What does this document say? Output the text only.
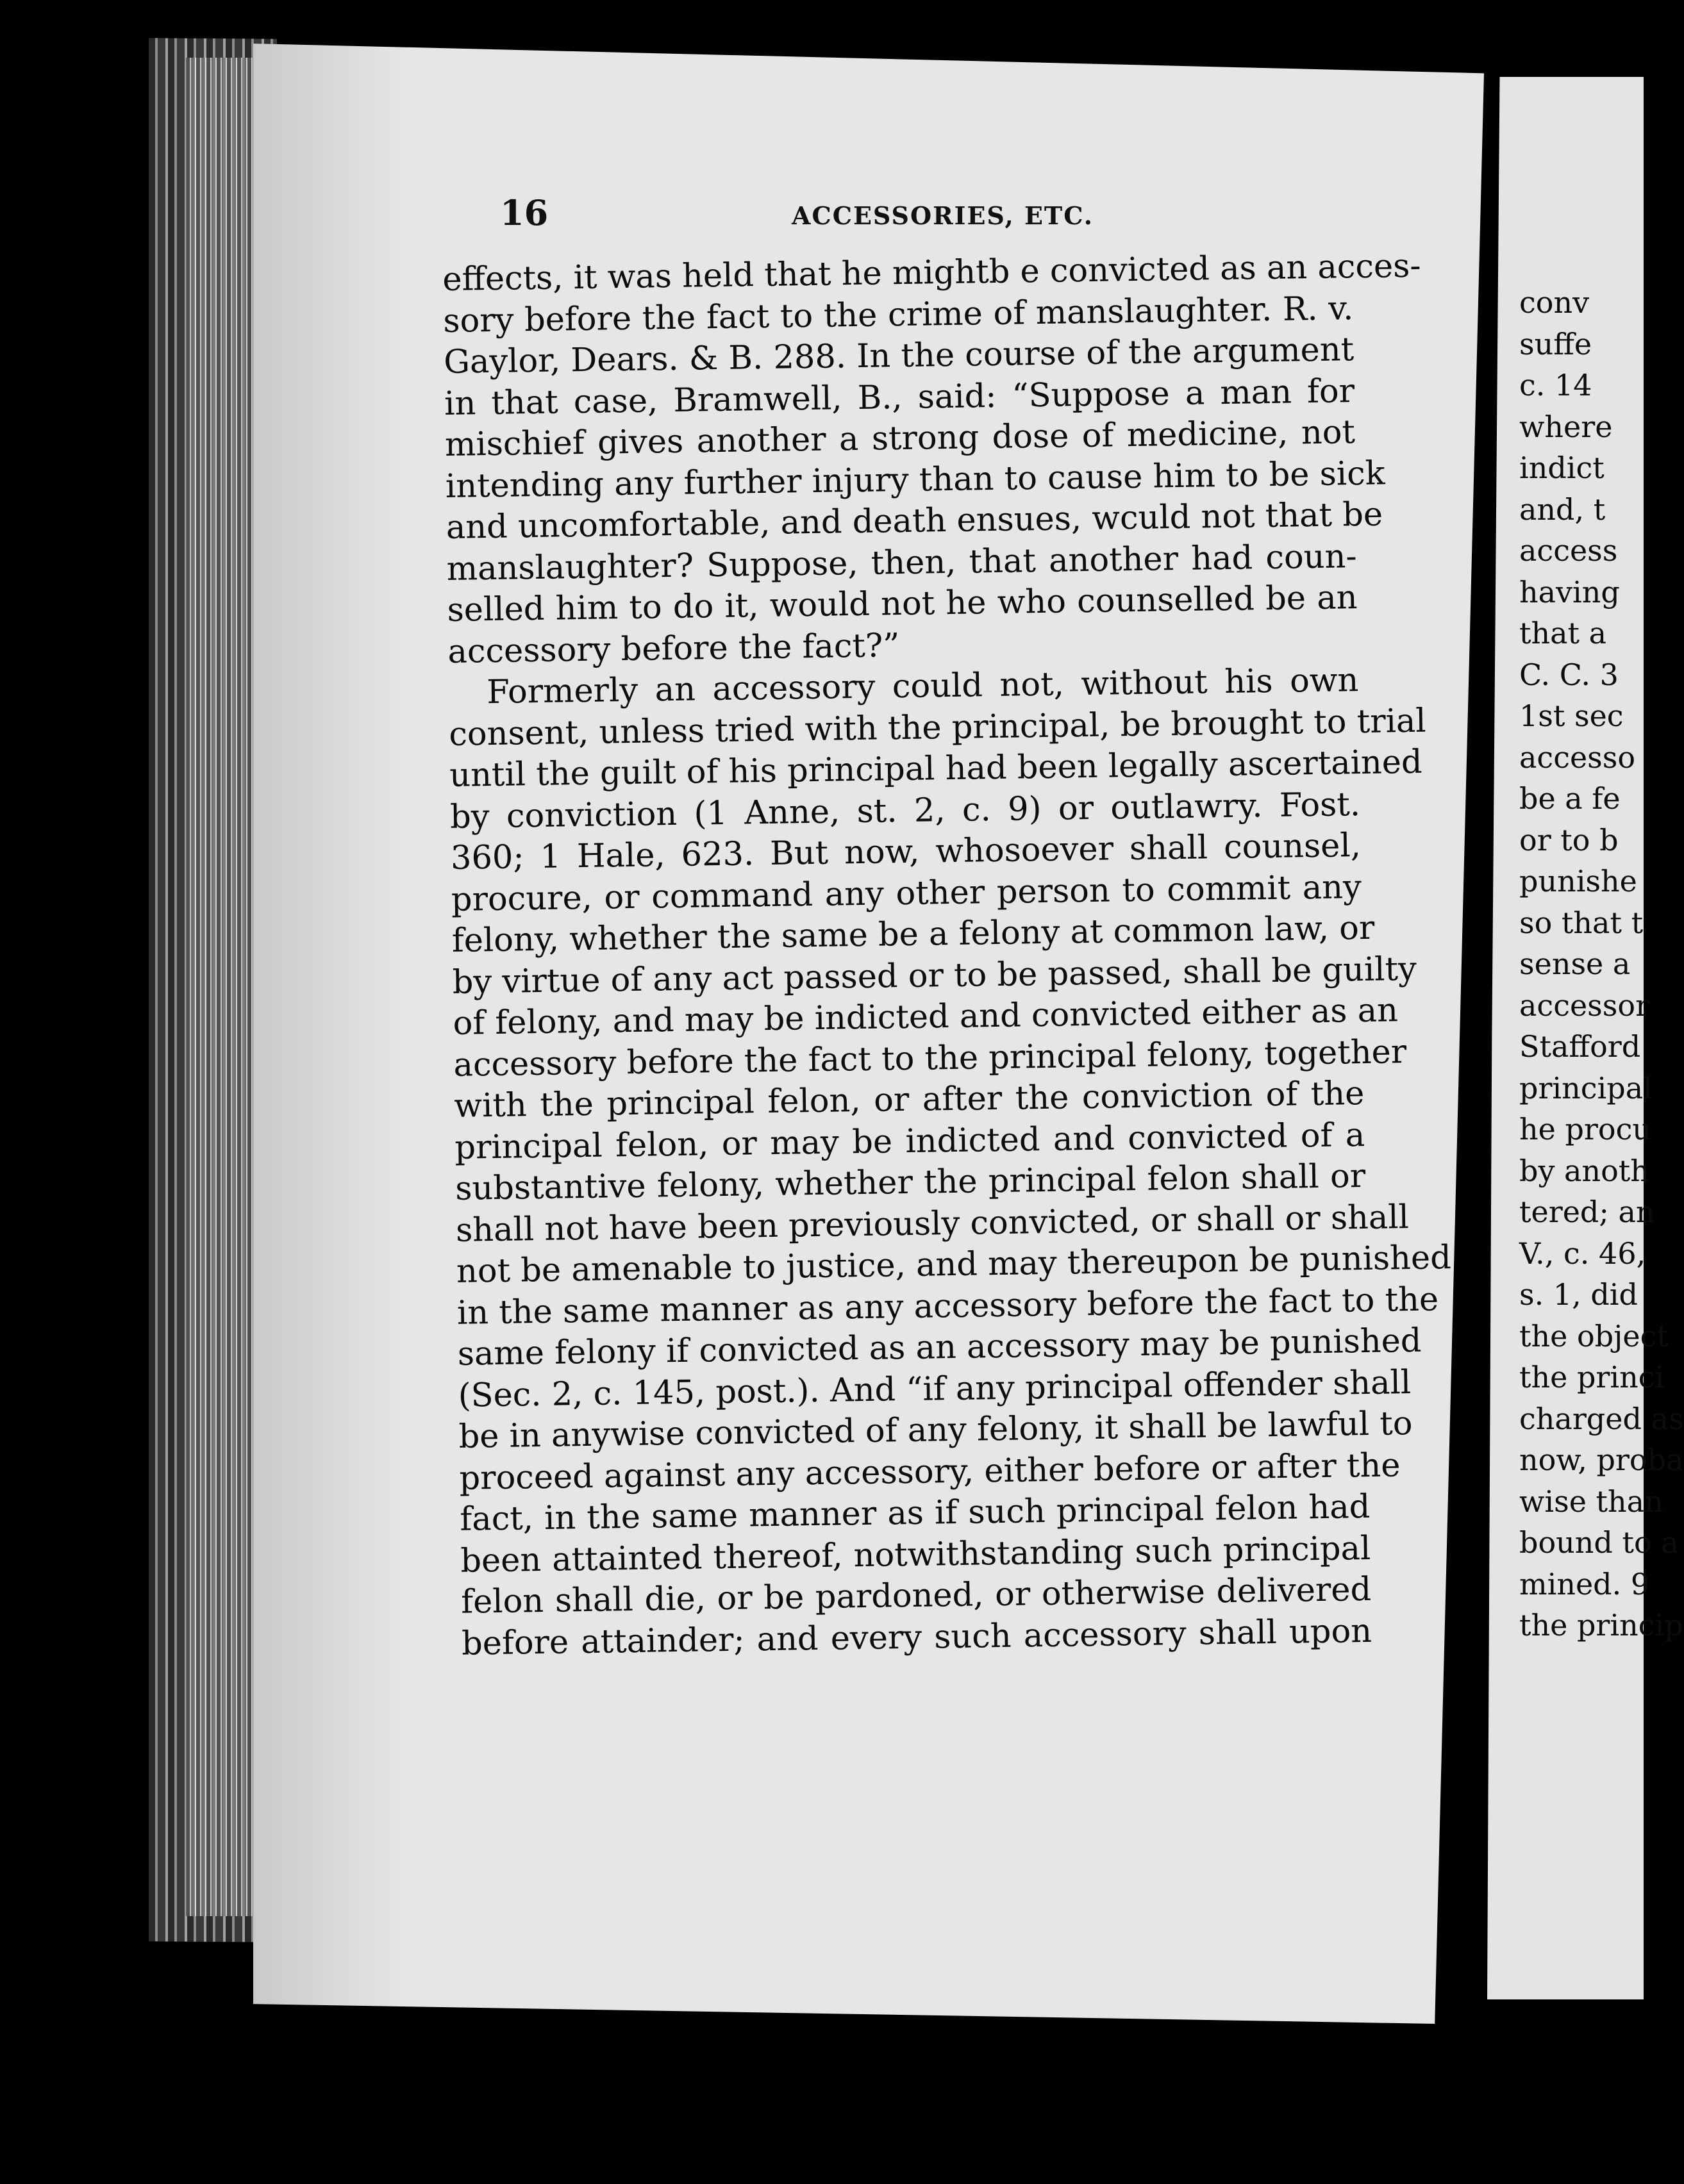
16	ACCESSORIES, ETC.
effects, it was held that he mightb e convicted as an acces-
sory before the fact to the crime of manslaughter. R. v.
Gaylor, Dears. & B. 288. In the course of the argument
in that case, Bramwell, B., said: “Suppose a man for
mischief gives another a strong dose of medicine, not
intending any further injury than to cause him to be sick
and uncomfortable, and death ensues, wculd not that be
manslaughter? Suppose, then, that another had coun-
selled him to do it, would not he who counselled be an
accessory before the fact?”
Formerly an accessory could not, without his own
consent, unless tried with the principal, be brought to trial
until the guilt of his principal had been legally ascertained
by conviction (1 Anne, st. 2, c. 9) or outlawry. Fost.
360; 1 Hale, 623. But now, whosoever shall counsel,
procure, or command any other person to commit any
felony, whether the same be a felony at common law, or
by virtue of any act passed or to be passed, shall be guilty
of felony, and may be indicted and convicted either as an
accessory before the fact to the principal felony, together
with the principal felon, or after the conviction of the
principal felon, or may be indicted and convicted of a
substantive felony, whether the principal felon shall or
shall not have been previously convicted, or shall or shall
not be amenable to justice, and may thereupon be punished
in the same manner as any accessory before the fact to the
same felony if convicted as an accessory may be punished
(Sec. 2, c. 145, post.). And “if any principal offender shall
be in anywise convicted of any felony, it shall be lawful to
proceed against any accessory, either before or after the
fact, in the same manner as if such principal felon had
been attainted thereof, notwithstanding such principal
felon shall die, or be pardoned, or otherwise delivered
before attainder; and every such accessory shall upon
conv
suffe
c. 14
where
indict
and, t
access
having
that a
C. C. 3
1st sec
accesso
be a fe
or to b
punishe
so that t
sense a
accessor
Stafford
principal
he procu
by anoth
tered; an
V., c. 46,
s. 1, did
the object
the princi
charged as
now, proba
wise than
bound to a
mined. 9
the princip
